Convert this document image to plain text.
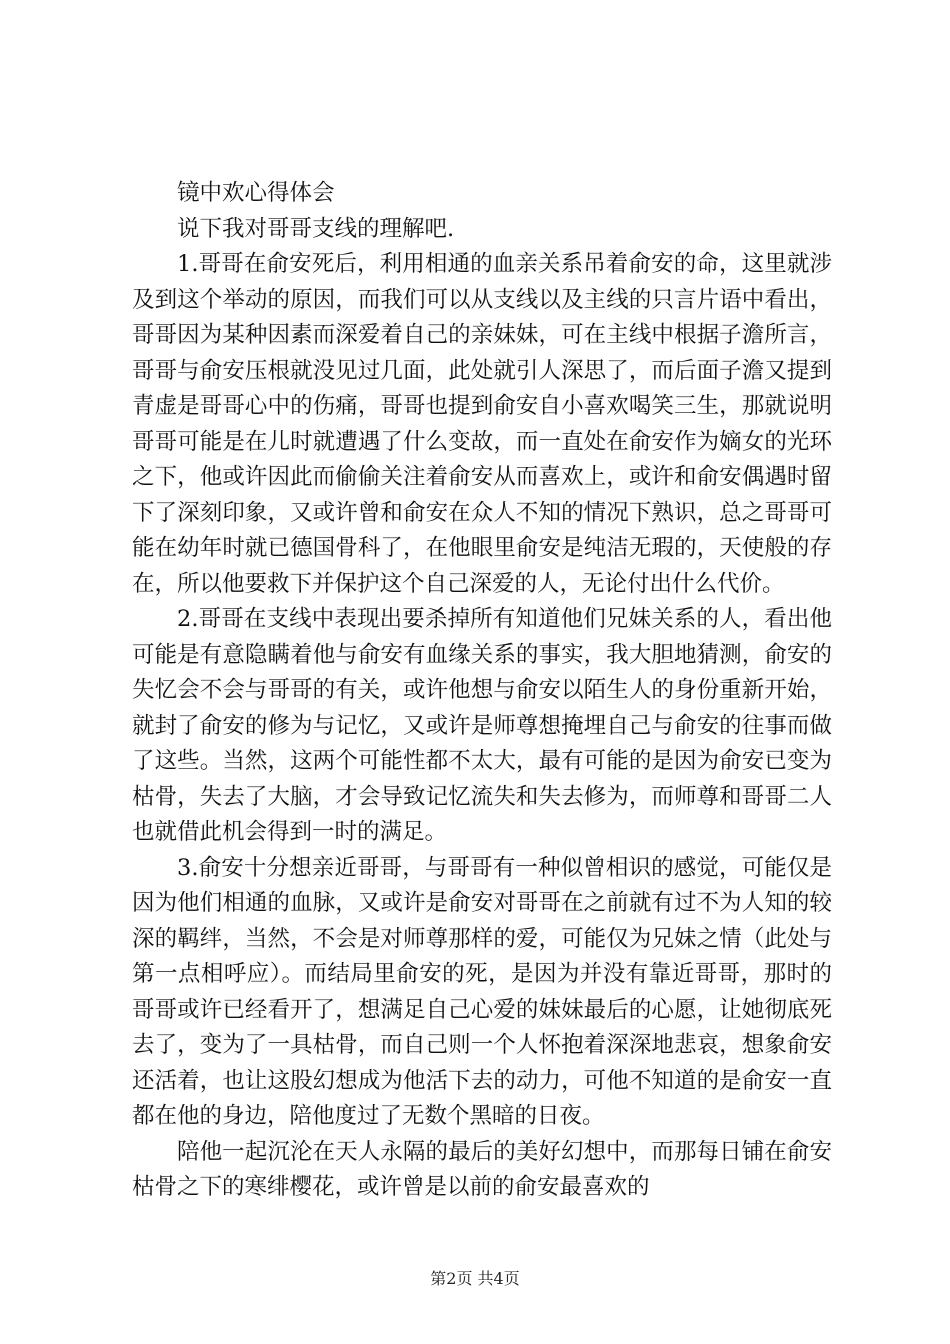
镜中欢心得体会

说下我对哥哥支线的理解吧.

1.哥哥在俞安死后，利用相通的血亲关系吊着俞安的命，这里就涉及到这个举动的原因，而我们可以从支线以及主线的只言片语中看出，哥哥因为某种因素而深爱着自己的亲妹妹，可在主线中根据子澹所言，哥哥与俞安压根就没见过几面，此处就引人深思了，而后面子澹又提到青虚是哥哥心中的伤痛，哥哥也提到俞安自小喜欢喝笑三生，那就说明哥哥可能是在儿时就遭遇了什么变故，而一直处在俞安作为嫡女的光环之下，他或许因此而偷偷关注着俞安从而喜欢上，或许和俞安偶遇时留下了深刻印象，又或许曾和俞安在众人不知的情况下熟识，总之哥哥可能在幼年时就已德国骨科了，在他眼里俞安是纯洁无瑕的，天使般的存在，所以他要救下并保护这个自己深爱的人，无论付出什么代价。

2.哥哥在支线中表现出要杀掉所有知道他们兄妹关系的人，看出他可能是有意隐瞒着他与俞安有血缘关系的事实，我大胆地猜测，俞安的失忆会不会与哥哥的有关，或许他想与俞安以陌生人的身份重新开始，就封了俞安的修为与记忆，又或许是师尊想掩埋自己与俞安的往事而做了这些。当然，这两个可能性都不太大，最有可能的是因为俞安已变为枯骨，失去了大脑，才会导致记忆流失和失去修为，而师尊和哥哥二人也就借此机会得到一时的满足。

3.俞安十分想亲近哥哥，与哥哥有一种似曾相识的感觉，可能仅是因为他们相通的血脉，又或许是俞安对哥哥在之前就有过不为人知的较深的羁绊，当然，不会是对师尊那样的爱，可能仅为兄妹之情（此处与第一点相呼应）。而结局里俞安的死，是因为并没有靠近哥哥，那时的哥哥或许已经看开了，想满足自己心爱的妹妹最后的心愿，让她彻底死去了，变为了一具枯骨，而自己则一个人怀抱着深深地悲哀，想象俞安还活着，也让这股幻想成为他活下去的动力，可他不知道的是俞安一直都在他的身边，陪他度过了无数个黑暗的日夜。

陪他一起沉沦在天人永隔的最后的美好幻想中，而那每日铺在俞安枯骨之下的寒绯樱花，或许曾是以前的俞安最喜欢的

第2页 共4页
